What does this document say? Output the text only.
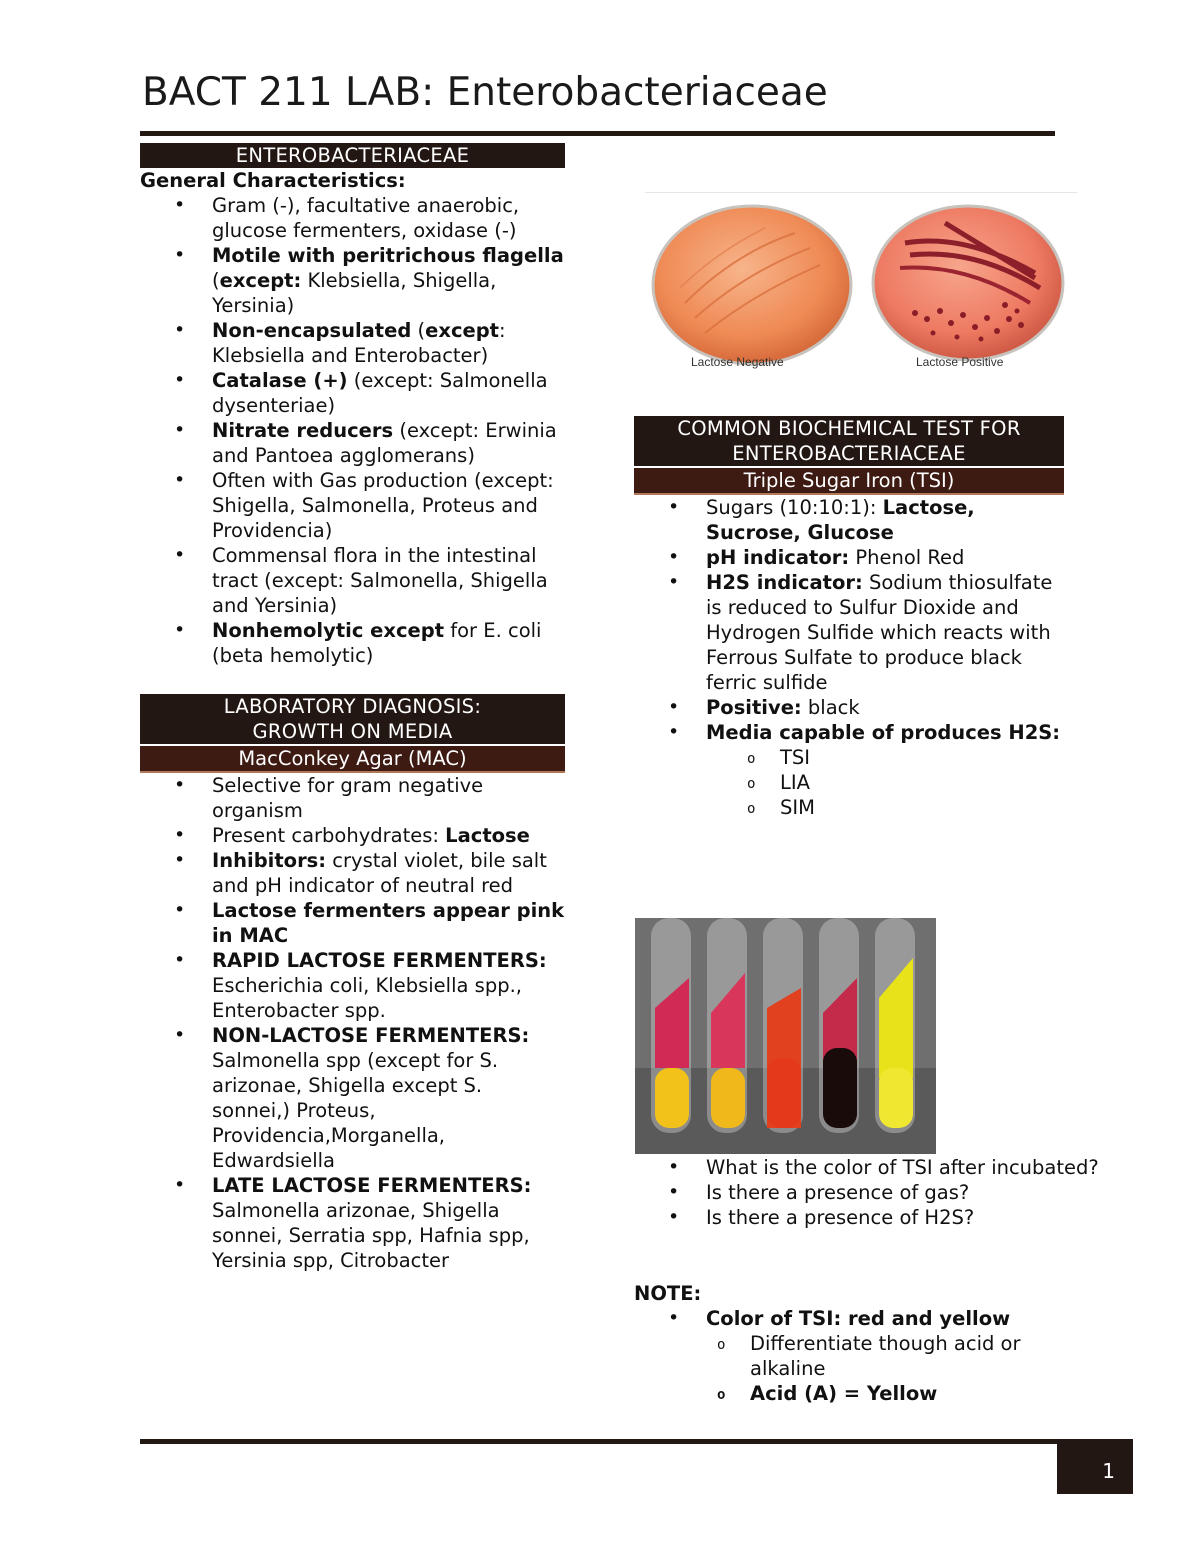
BACT 211 LAB: Enterobacteriaceae
ENTEROBACTERIACEAE
General Characteristics:
• Gram (-), facultative anaerobic, glucose fermenters, oxidase (-)
• Motile with peritrichous flagella (except: Klebsiella, Shigella, Yersinia)
• Non-encapsulated (except: Klebsiella and Enterobacter)
• Catalase (+) (except: Salmonella dysenteriae)
• Nitrate reducers (except: Erwinia and Pantoea agglomerans)
• Often with Gas production (except: Shigella, Salmonella, Proteus and Providencia)
• Commensal flora in the intestinal tract (except: Salmonella, Shigella and Yersinia)
• Nonhemolytic except for E. coli (beta hemolytic)
LABORATORY DIAGNOSIS:
GROWTH ON MEDIA
MacConkey Agar (MAC)
• Selective for gram negative organism
• Present carbohydrates: Lactose
• Inhibitors: crystal violet, bile salt and pH indicator of neutral red
• Lactose fermenters appear pink in MAC
• RAPID LACTOSE FERMENTERS: Escherichia coli, Klebsiella spp., Enterobacter spp.
• NON-LACTOSE FERMENTERS: Salmonella spp (except for S. arizonae, Shigella except S. sonnei,) Proteus, Providencia,Morganella, Edwardsiella
• LATE LACTOSE FERMENTERS: Salmonella arizonae, Shigella sonnei, Serratia spp, Hafnia spp, Yersinia spp, Citrobacter
Lactose Negative	Lactose Positive
COMMON BIOCHEMICAL TEST FOR
ENTEROBACTERIACEAE
Triple Sugar Iron (TSI)
• Sugars (10:10:1): Lactose, Sucrose, Glucose
• pH indicator: Phenol Red
• H2S indicator: Sodium thiosulfate is reduced to Sulfur Dioxide and Hydrogen Sulfide which reacts with Ferrous Sulfate to produce black ferric sulfide
• Positive: black
• Media capable of produces H2S:
o TSI
o LIA
o SIM
• What is the color of TSI after incubated?
• Is there a presence of gas?
• Is there a presence of H2S?
NOTE:
• Color of TSI: red and yellow
o Differentiate though acid or alkaline
o Acid (A) = Yellow
1
